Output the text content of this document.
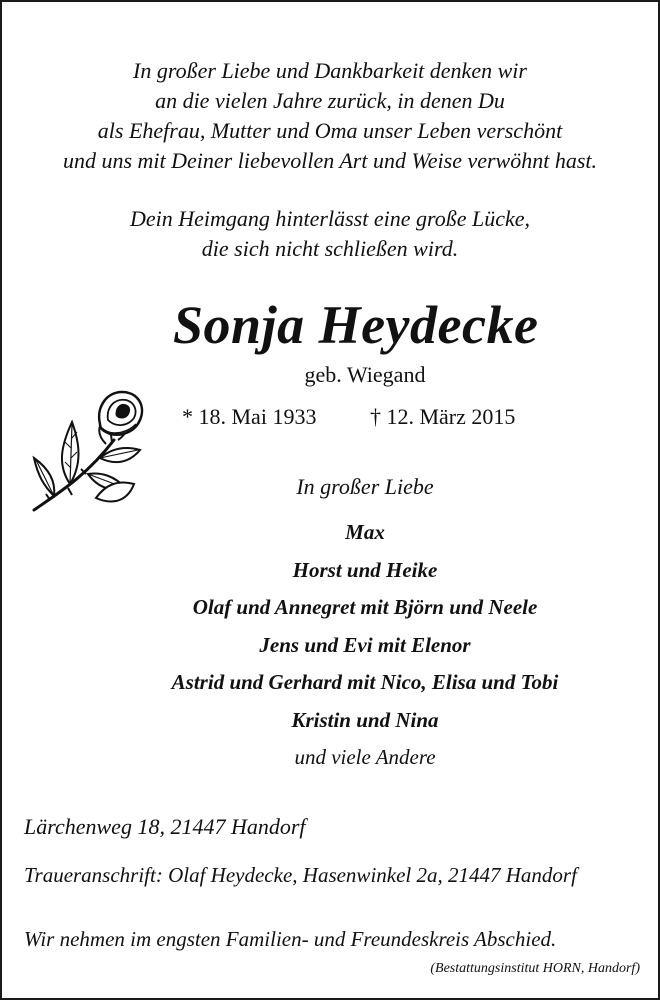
In großer Liebe und Dankbarkeit denken wir
an die vielen Jahre zurück, in denen Du
als Ehefrau, Mutter und Oma unser Leben verschönt
und uns mit Deiner liebevollen Art und Weise verwöhnt hast.
Dein Heimgang hinterlässt eine große Lücke,
die sich nicht schließen wird.
Sonja Heydecke
geb. Wiegand
* 18. Mai 1933 † 12. März 2015
In großer Liebe
Max
Horst und Heike
Olaf und Annegret mit Björn und Neele
Jens und Evi mit Elenor
Astrid und Gerhard mit Nico, Elisa und Tobi
Kristin und Nina
und viele Andere
Lärchenweg 18, 21447 Handorf
Traueranschrift: Olaf Heydecke, Hasenwinkel 2a, 21447 Handorf
Wir nehmen im engsten Familien- und Freundeskreis Abschied.
(Bestattungsinstitut HORN, Handorf)
